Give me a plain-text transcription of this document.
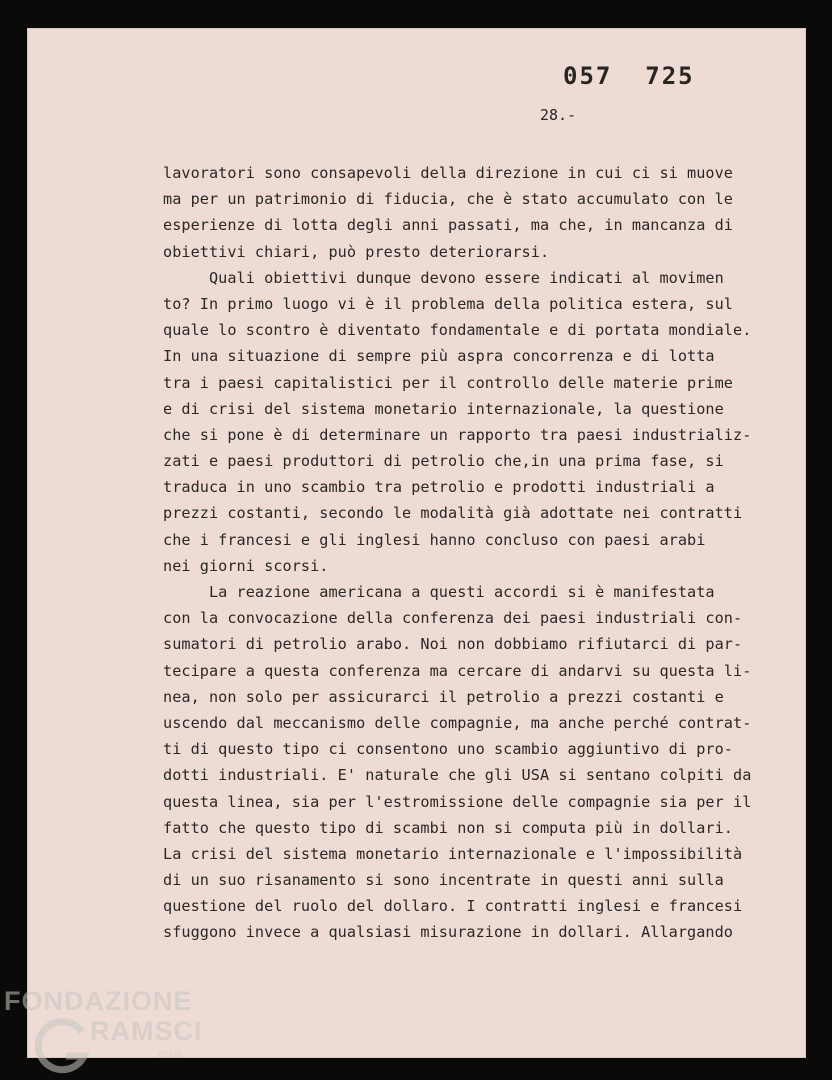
057  725
28.-
lavoratori sono consapevoli della direzione in cui ci si muove
ma per un patrimonio di fiducia, che è stato accumulato con le
esperienze di lotta degli anni passati, ma che, in mancanza di
obiettivi chiari, può presto deteriorarsi.
Quali obiettivi dunque devono essere indicati al movimen
to? In primo luogo vi è il problema della politica estera, sul
quale lo scontro è diventato fondamentale e di portata mondiale.
In una situazione di sempre più aspra concorrenza e di lotta
tra i paesi capitalistici per il controllo delle materie prime
e di crisi del sistema monetario internazionale, la questione
che si pone è di determinare un rapporto tra paesi industrializ-
zati e paesi produttori di petrolio che,in una prima fase, si
traduca in uno scambio tra petrolio e prodotti industriali a
prezzi costanti, secondo le modalità già adottate nei contratti
che i francesi e gli inglesi hanno concluso con paesi arabi
nei giorni scorsi.
La reazione americana a questi accordi si è manifestata
con la convocazione della conferenza dei paesi industriali con-
sumatori di petrolio arabo. Noi non dobbiamo rifiutarci di par-
tecipare a questa conferenza ma cercare di andarvi su questa li-
nea, non solo per assicurarci il petrolio a prezzi costanti e
uscendo dal meccanismo delle compagnie, ma anche perché contrat-
ti di questo tipo ci consentono uno scambio aggiuntivo di pro-
dotti industriali. E' naturale che gli USA si sentano colpiti da
questa linea, sia per l'estromissione delle compagnie sia per il
fatto che questo tipo di scambi non si computa più in dollari.
La crisi del sistema monetario internazionale e l'impossibilità
di un suo risanamento si sono incentrate in questi anni sulla
questione del ruolo del dollaro. I contratti inglesi e francesi
sfuggono invece a qualsiasi misurazione in dollari. Allargando
FONDAZIONE
RAMSCI
onlus
